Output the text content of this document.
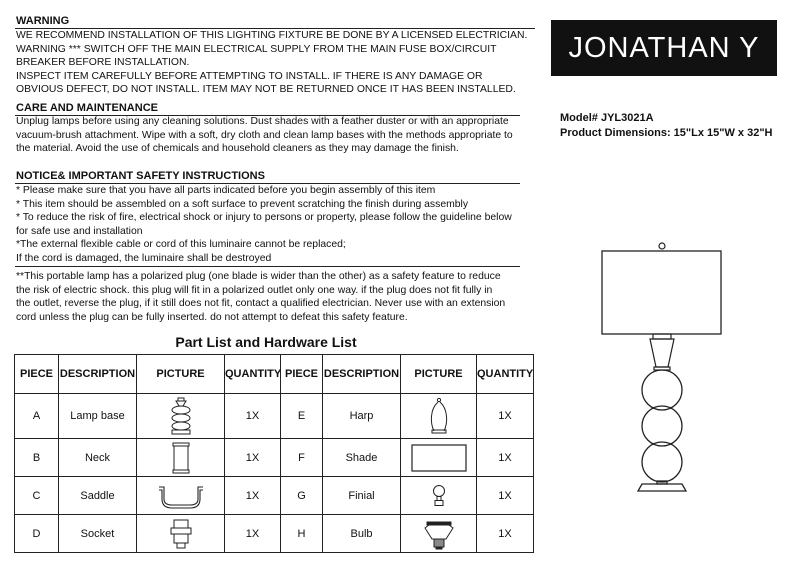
WARNING
WE RECOMMEND INSTALLATION OF THIS LIGHTING FIXTURE BE DONE BY A LICENSED ELECTRICIAN.
WARNING *** SWITCH OFF THE MAIN ELECTRICAL SUPPLY FROM THE MAIN FUSE BOX/CIRCUIT
BREAKER BEFORE INSTALLATION.
INSPECT ITEM CAREFULLY BEFORE ATTEMPTING TO INSTALL. IF THERE IS ANY DAMAGE OR
OBVIOUS DEFECT, DO NOT INSTALL. ITEM MAY NOT BE RETURNED ONCE IT HAS BEEN INSTALLED.
CARE AND MAINTENANCE
Unplug lamps before using any cleaning solutions. Dust shades with a feather duster or with an appropriate
vacuum-brush attachment. Wipe with a soft, dry cloth and clean lamp bases with the methods appropriate to
the material. Avoid the use of chemicals and household cleaners as they may damage the finish.
NOTICE& IMPORTANT SAFETY INSTRUCTIONS
* Please make sure that you have all parts indicated before you begin assembly of this item
* This item should be assembled on a soft surface to prevent scratching the finish during assembly
* To reduce the risk of fire, electrical shock or injury to persons or property, please follow the guideline below
for safe use and installation
*The external flexible cable or cord of this luminaire cannot be replaced;
If the cord is damaged, the luminaire shall be destroyed
**This portable lamp has a polarized plug (one blade is wider than the other) as a safety feature to reduce
the risk of electric shock. this plug will fit in a polarized outlet only one way. if the plug does not fit fully in
the outlet, reverse the plug, if it still does not fit, contact a qualified electrician. Never use with an extension
cord unless the plug can be fully inserted. do not attempt to defeat this safety feature.
JONATHAN Y
Model# JYL3021A
Product Dimensions: 15"Lx 15"W x 32"H
Part List and Hardware List
PIECE	DESCRIPTION	PICTURE	QUANTITY	PIECE	DESCRIPTION	PICTURE	QUANTITY
A	Lamp base		1X	E	Harp		1X
B	Neck		1X	F	Shade		1X
C	Saddle		1X	G	Finial		1X
D	Socket		1X	H	Bulb		1X
